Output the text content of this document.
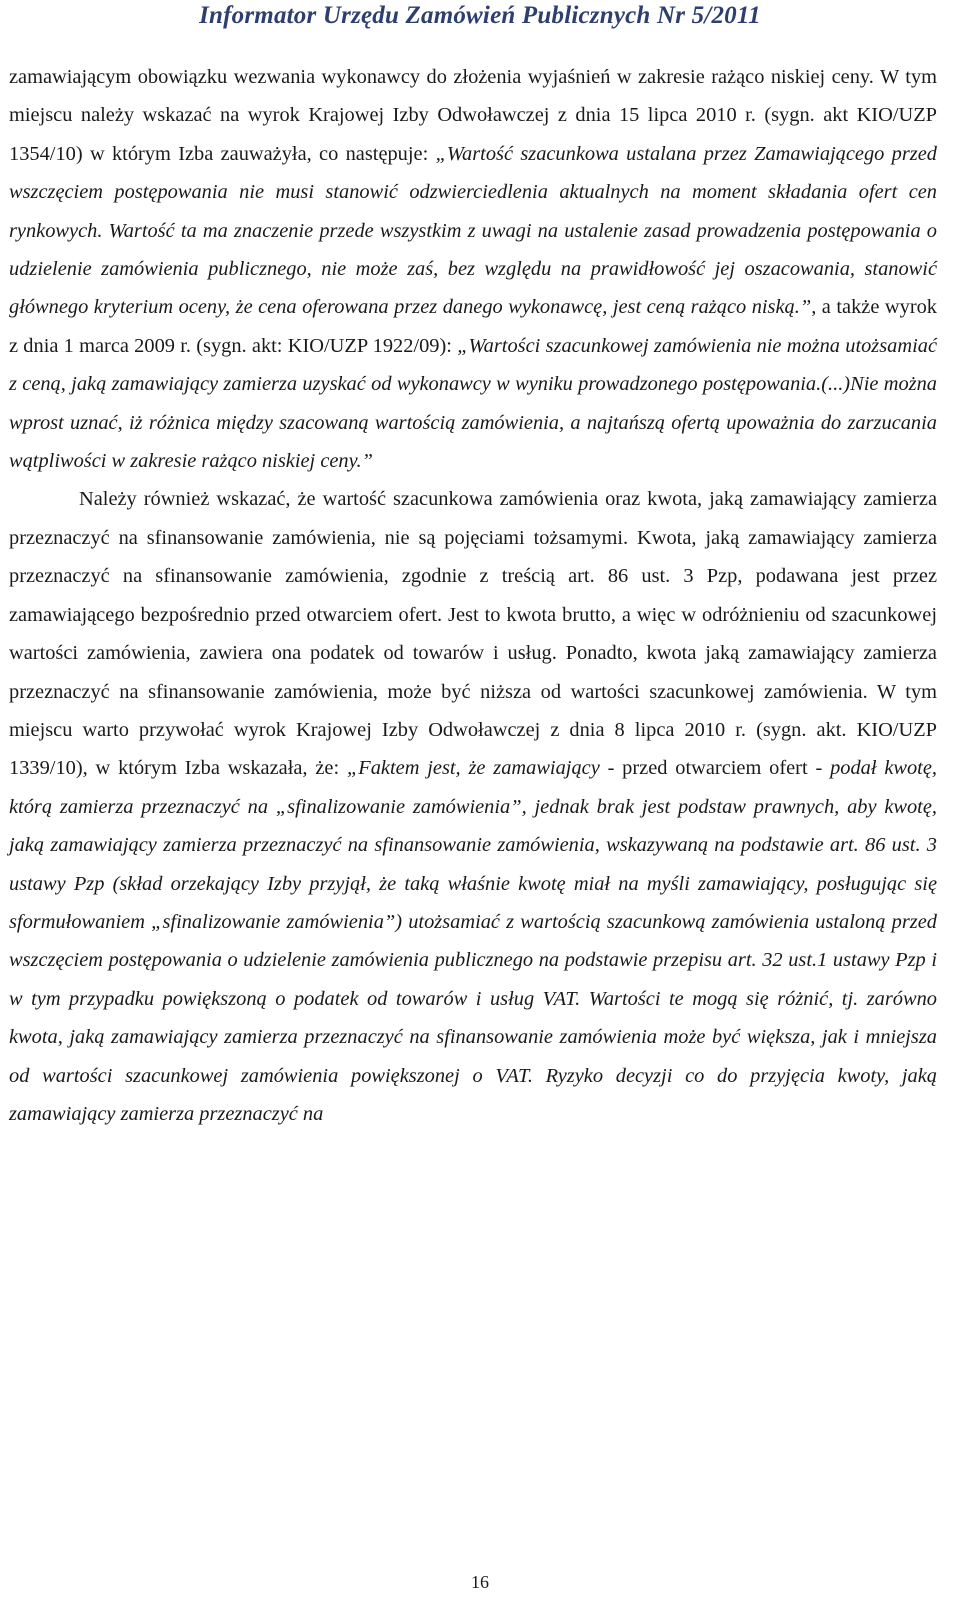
Informator Urzędu Zamówień Publicznych Nr 5/2011

zamawiającym obowiązku wezwania wykonawcy do złożenia wyjaśnień w zakresie rażąco niskiej ceny. W tym miejscu należy wskazać na wyrok Krajowej Izby Odwoławczej z dnia 15 lipca 2010 r. (sygn. akt KIO/UZP 1354/10) w którym Izba zauważyła, co następuje: „Wartość szacunkowa ustalana przez Zamawiającego przed wszczęciem postępowania nie musi stanowić odzwierciedlenia aktualnych na moment składania ofert cen rynkowych. Wartość ta ma znaczenie przede wszystkim z uwagi na ustalenie zasad prowadzenia postępowania o udzielenie zamówienia publicznego, nie może zaś, bez względu na prawidłowość jej oszacowania, stanowić głównego kryterium oceny, że cena oferowana przez danego wykonawcę, jest ceną rażąco niską.”, a także wyrok z dnia 1 marca 2009 r. (sygn. akt: KIO/UZP 1922/09): „Wartości szacunkowej zamówienia nie można utożsamiać z ceną, jaką zamawiający zamierza uzyskać od wykonawcy w wyniku prowadzonego postępowania.(...)Nie można wprost uznać, iż różnica między szacowaną wartością zamówienia, a najtańszą ofertą upoważnia do zarzucania wątpliwości w zakresie rażąco niskiej ceny.”

Należy również wskazać, że wartość szacunkowa zamówienia oraz kwota, jaką zamawiający zamierza przeznaczyć na sfinansowanie zamówienia, nie są pojęciami tożsamymi. Kwota, jaką zamawiający zamierza przeznaczyć na sfinansowanie zamówienia, zgodnie z treścią art. 86 ust. 3 Pzp, podawana jest przez zamawiającego bezpośrednio przed otwarciem ofert. Jest to kwota brutto, a więc w odróżnieniu od szacunkowej wartości zamówienia, zawiera ona podatek od towarów i usług. Ponadto, kwota jaką zamawiający zamierza przeznaczyć na sfinansowanie zamówienia, może być niższa od wartości szacunkowej zamówienia. W tym miejscu warto przywołać wyrok Krajowej Izby Odwoławczej z dnia 8 lipca 2010 r. (sygn. akt. KIO/UZP 1339/10), w którym Izba wskazała, że: „Faktem jest, że zamawiający - przed otwarciem ofert - podał kwotę, którą zamierza przeznaczyć na „sfinalizowanie zamówienia”, jednak brak jest podstaw prawnych, aby kwotę, jaką zamawiający zamierza przeznaczyć na sfinansowanie zamówienia, wskazywaną na podstawie art. 86 ust. 3 ustawy Pzp (skład orzekający Izby przyjął, że taką właśnie kwotę miał na myśli zamawiający, posługując się sformułowaniem „sfinalizowanie zamówienia”) utożsamiać z wartością szacunkową zamówienia ustaloną przed wszczęciem postępowania o udzielenie zamówienia publicznego na podstawie przepisu art. 32 ust.1 ustawy Pzp i w tym przypadku powiększoną o podatek od towarów i usług VAT. Wartości te mogą się różnić, tj. zarówno kwota, jaką zamawiający zamierza przeznaczyć na sfinansowanie zamówienia może być większa, jak i mniejsza od wartości szacunkowej zamówienia powiększonej o VAT. Ryzyko decyzji co do przyjęcia kwoty, jaką zamawiający zamierza przeznaczyć na

16
